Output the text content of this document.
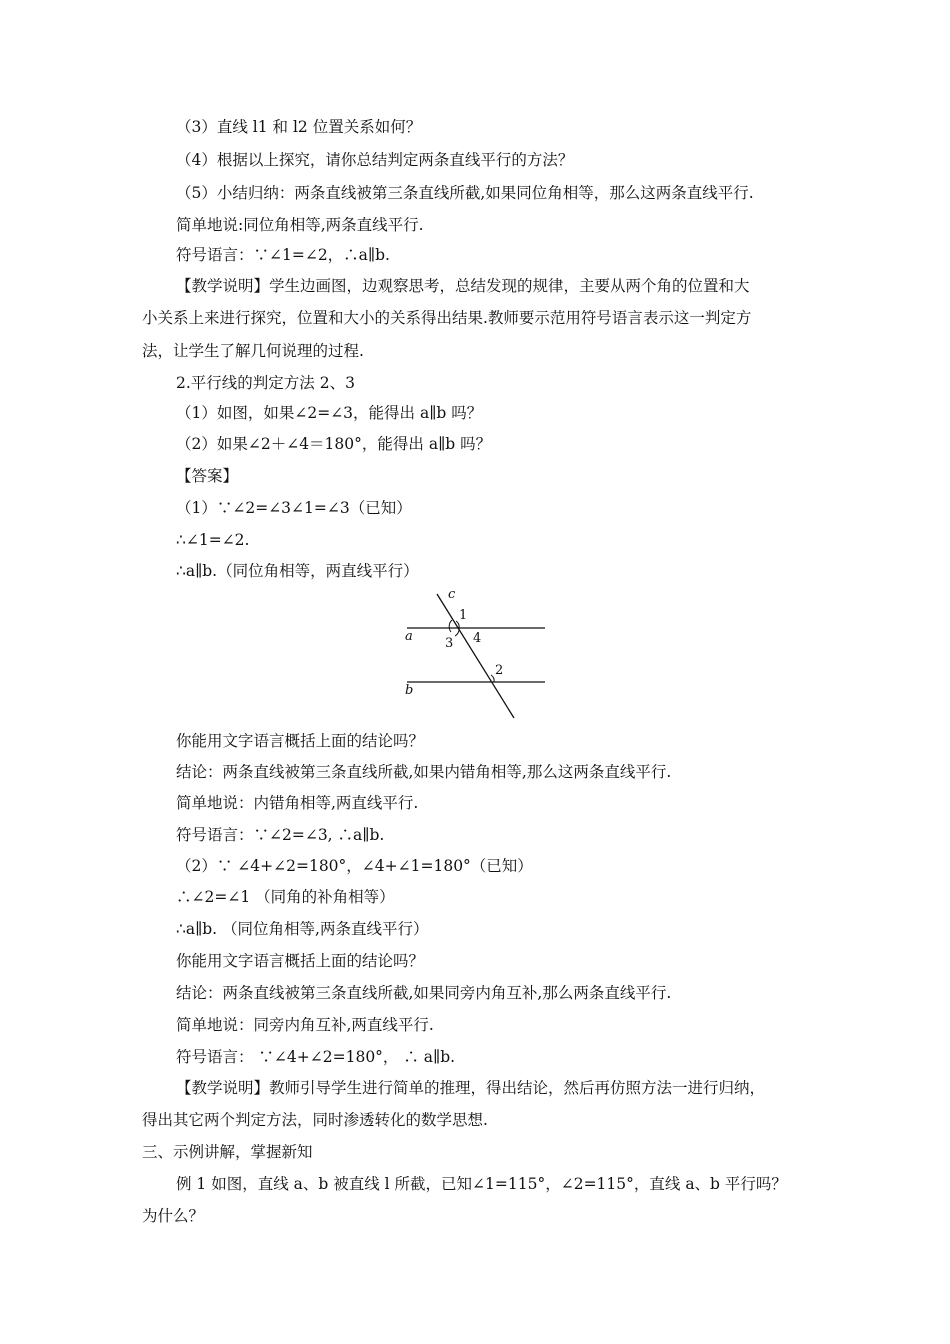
（3）直线 l1 和 l2 位置关系如何？
（4）根据以上探究，请你总结判定两条直线平行的方法？
（5）小结归纳：两条直线被第三条直线所截,如果同位角相等，那么这两条直线平行.
简单地说:同位角相等,两条直线平行.
符号语言：∵∠1=∠2，∴a∥b.
【教学说明】学生边画图，边观察思考，总结发现的规律，主要从两个角的位置和大
小关系上来进行探究，位置和大小的关系得出结果.教师要示范用符号语言表示这一判定方
法，让学生了解几何说理的过程.
2.平行线的判定方法 2、3
（1）如图，如果∠2=∠3，能得出 a∥b 吗？
（2）如果∠2＋∠4＝180°，能得出 a∥b 吗？
【答案】
（1）∵∠2=∠3∠1=∠3（已知）
∴∠1=∠2.
∴a∥b.（同位角相等，两直线平行）
c
1
a 3 4
2
b
你能用文字语言概括上面的结论吗？
结论：两条直线被第三条直线所截,如果内错角相等,那么这两条直线平行.
简单地说：内错角相等,两直线平行.
符号语言：∵∠2=∠3, ∴a∥b.
（2）∵ ∠4+∠2=180°，∠4+∠1=180°（已知）
∴∠2=∠1 （同角的补角相等）
∴a∥b. （同位角相等,两条直线平行）
你能用文字语言概括上面的结论吗？
结论：两条直线被第三条直线所截,如果同旁内角互补,那么两条直线平行.
简单地说：同旁内角互补,两直线平行.
符号语言： ∵∠4+∠2=180°， ∴ a∥b.
【教学说明】教师引导学生进行简单的推理，得出结论，然后再仿照方法一进行归纳，
得出其它两个判定方法，同时渗透转化的数学思想.
三、示例讲解，掌握新知
例 1 如图，直线 a、b 被直线 l 所截，已知∠1=115°，∠2=115°，直线 a、b 平行吗？
为什么？
